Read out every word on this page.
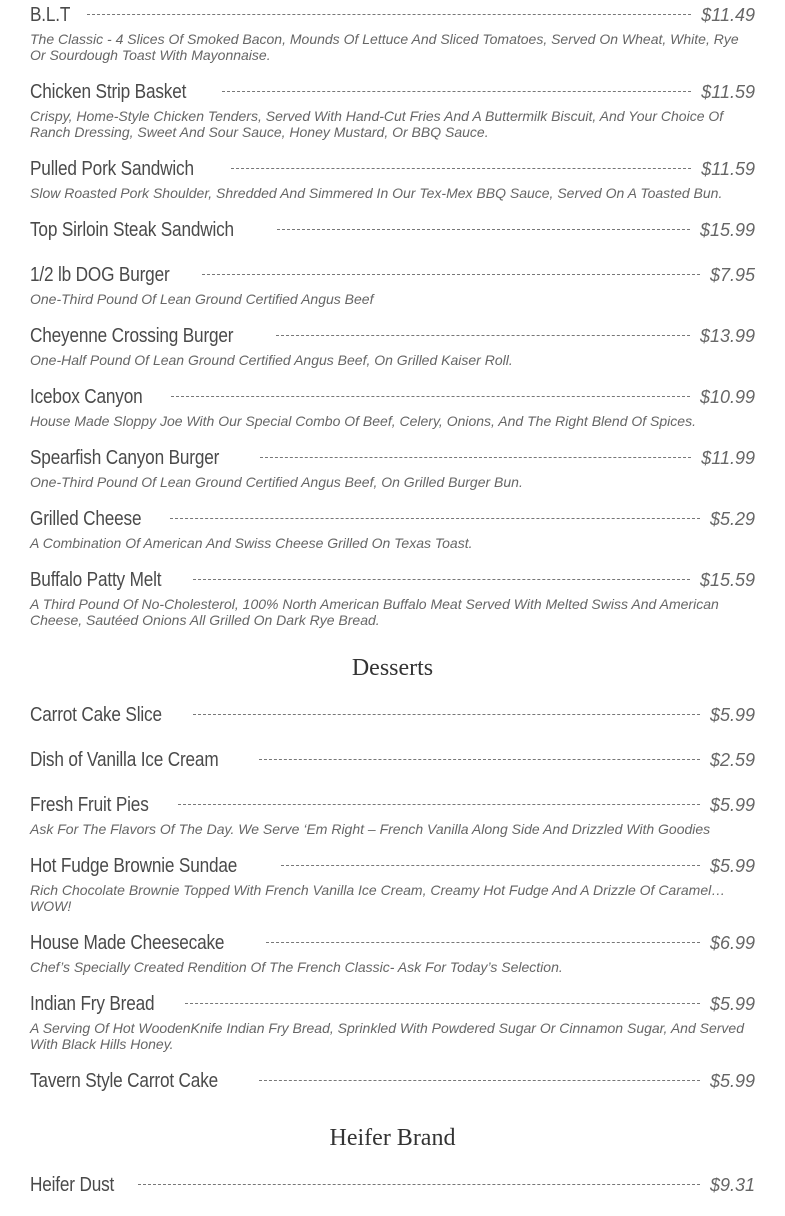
B.L.T	$11.49
The Classic - 4 Slices Of Smoked Bacon, Mounds Of Lettuce And Sliced Tomatoes, Served On Wheat, White, Rye Or Sourdough Toast With Mayonnaise.
Chicken Strip Basket	$11.59
Crispy, Home-Style Chicken Tenders, Served With Hand-Cut Fries And A Buttermilk Biscuit, And Your Choice Of Ranch Dressing, Sweet And Sour Sauce, Honey Mustard, Or BBQ Sauce.
Pulled Pork Sandwich	$11.59
Slow Roasted Pork Shoulder, Shredded And Simmered In Our Tex-Mex BBQ Sauce, Served On A Toasted Bun.
Top Sirloin Steak Sandwich	$15.99
1/2 lb DOG Burger	$7.95
One-Third Pound Of Lean Ground Certified Angus Beef
Cheyenne Crossing Burger	$13.99
One-Half Pound Of Lean Ground Certified Angus Beef, On Grilled Kaiser Roll.
Icebox Canyon	$10.99
House Made Sloppy Joe With Our Special Combo Of Beef, Celery, Onions, And The Right Blend Of Spices.
Spearfish Canyon Burger	$11.99
One-Third Pound Of Lean Ground Certified Angus Beef, On Grilled Burger Bun.
Grilled Cheese	$5.29
A Combination Of American And Swiss Cheese Grilled On Texas Toast.
Buffalo Patty Melt	$15.59
A Third Pound Of No-Cholesterol, 100% North American Buffalo Meat Served With Melted Swiss And American Cheese, Sautéed Onions All Grilled On Dark Rye Bread.
Desserts
Carrot Cake Slice	$5.99
Dish of Vanilla Ice Cream	$2.59
Fresh Fruit Pies	$5.99
Ask For The Flavors Of The Day. We Serve ‘Em Right – French Vanilla Along Side And Drizzled With Goodies
Hot Fudge Brownie Sundae	$5.99
Rich Chocolate Brownie Topped With French Vanilla Ice Cream, Creamy Hot Fudge And A Drizzle Of Caramel… WOW!
House Made Cheesecake	$6.99
Chef’s Specially Created Rendition Of The French Classic- Ask For Today’s Selection.
Indian Fry Bread	$5.99
A Serving Of Hot WoodenKnife Indian Fry Bread, Sprinkled With Powdered Sugar Or Cinnamon Sugar, And Served With Black Hills Honey.
Tavern Style Carrot Cake	$5.99
Heifer Brand
Heifer Dust	$9.31
